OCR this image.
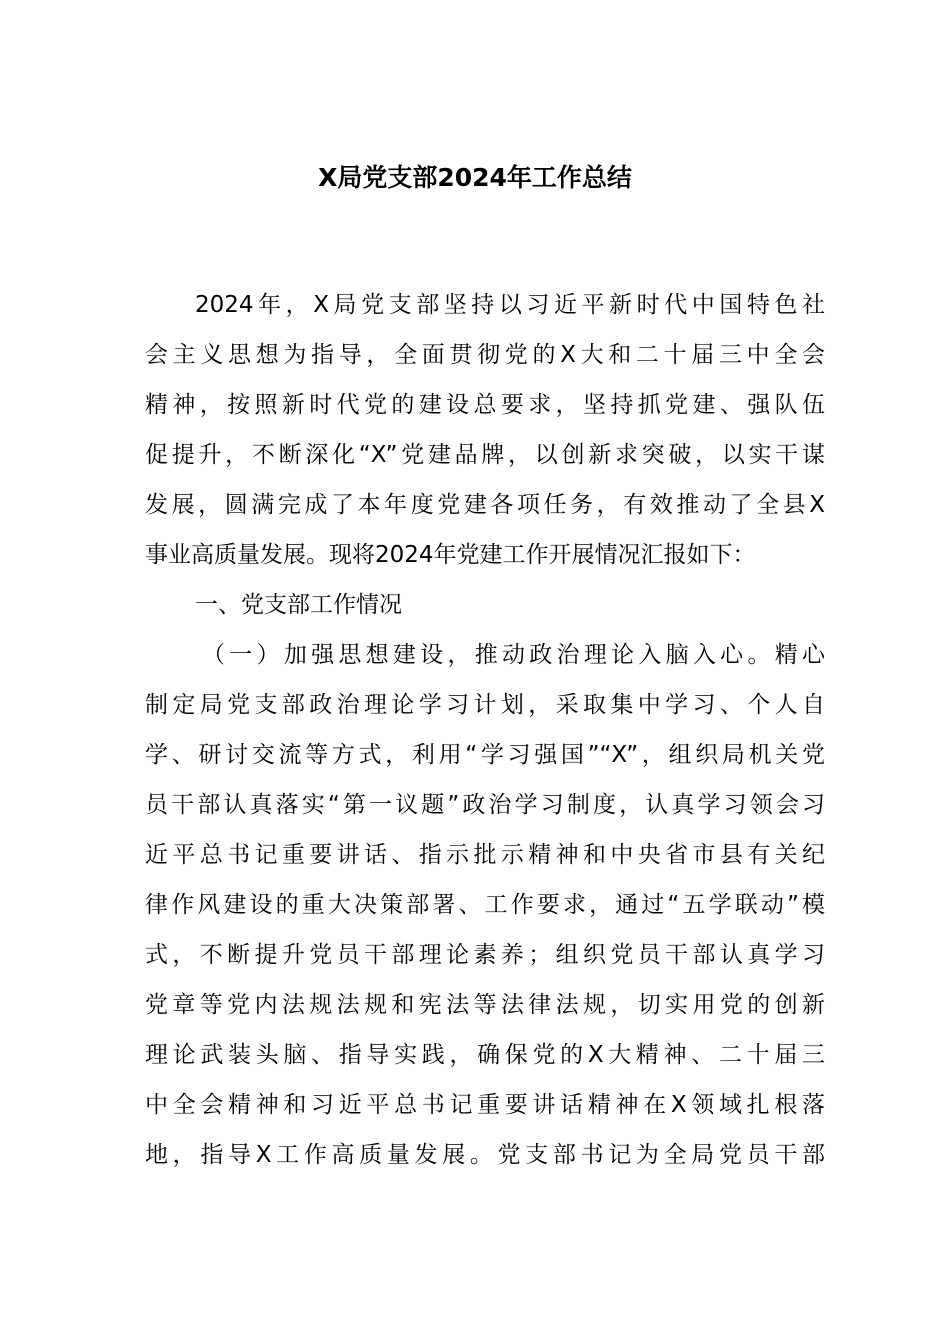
X局党支部2024年工作总结
2024年，X局党支部坚持以习近平新时代中国特色社
会主义思想为指导，全面贯彻党的X大和二十届三中全会
精神，按照新时代党的建设总要求，坚持抓党建、强队伍
促提升，不断深化“X”党建品牌，以创新求突破，以实干谋
发展，圆满完成了本年度党建各项任务，有效推动了全县X
事业高质量发展。现将2024年党建工作开展情况汇报如下：
一、党支部工作情况
（一）加强思想建设，推动政治理论入脑入心。精心
制定局党支部政治理论学习计划，采取集中学习、个人自
学、研讨交流等方式，利用“学习强国”“X”，组织局机关党
员干部认真落实“第一议题”政治学习制度，认真学习领会习
近平总书记重要讲话、指示批示精神和中央省市县有关纪
律作风建设的重大决策部署、工作要求，通过“五学联动”模
式，不断提升党员干部理论素养；组织党员干部认真学习
党章等党内法规法规和宪法等法律法规，切实用党的创新
理论武装头脑、指导实践，确保党的X大精神、二十届三
中全会精神和习近平总书记重要讲话精神在X领域扎根落
地，指导X工作高质量发展。党支部书记为全局党员干部
